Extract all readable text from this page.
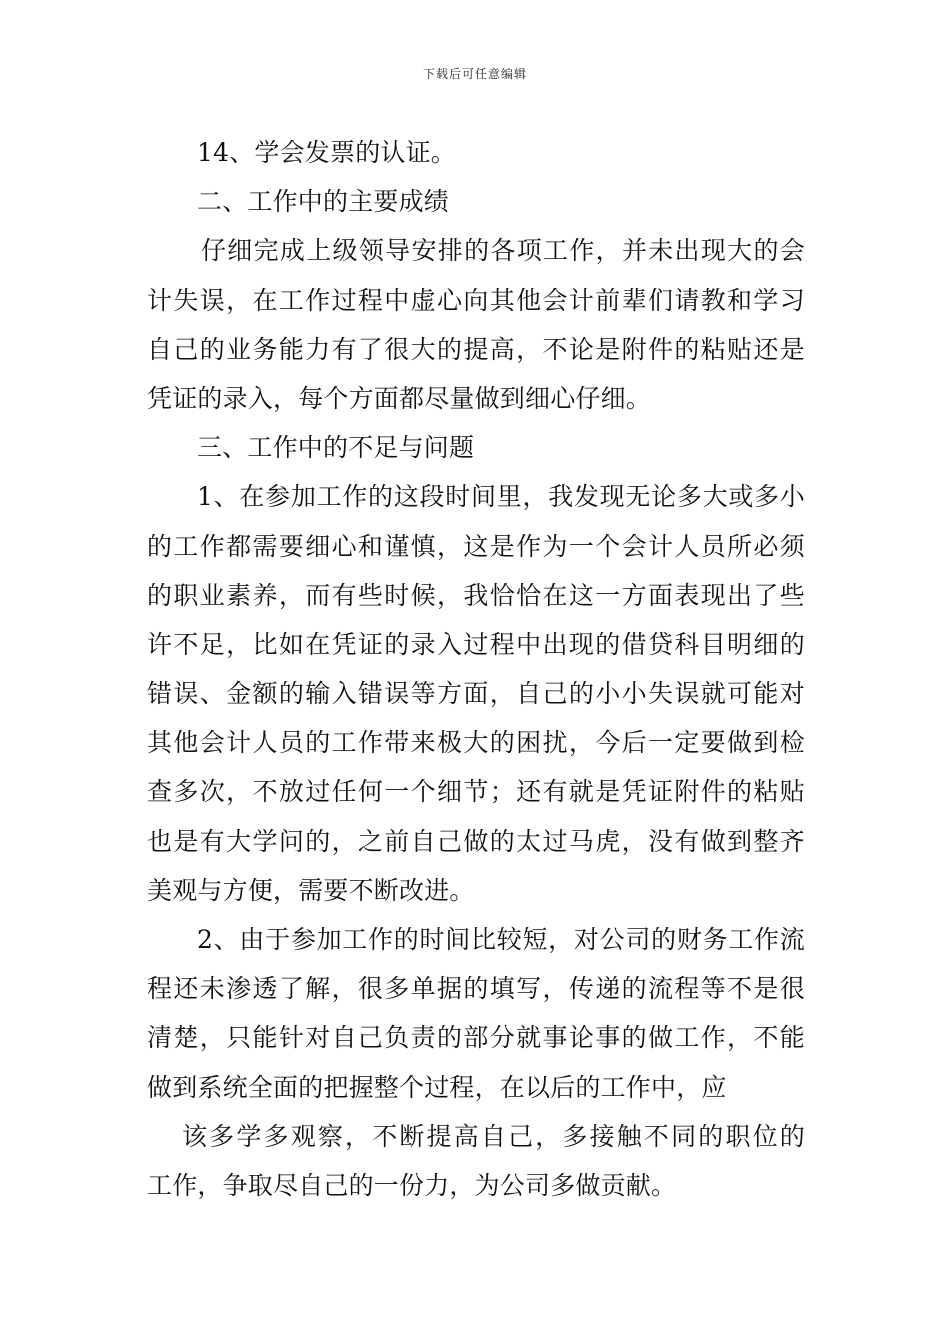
下载后可任意编辑
14、学会发票的认证。
二、工作中的主要成绩
仔细完成上级领导安排的各项工作，并未出现大的会
计失误，在工作过程中虚心向其他会计前辈们请教和学习
自己的业务能力有了很大的提高，不论是附件的粘贴还是
凭证的录入，每个方面都尽量做到细心仔细。
三、工作中的不足与问题
1、在参加工作的这段时间里，我发现无论多大或多小
的工作都需要细心和谨慎，这是作为一个会计人员所必须
的职业素养，而有些时候，我恰恰在这一方面表现出了些
许不足，比如在凭证的录入过程中出现的借贷科目明细的
错误、金额的输入错误等方面，自己的小小失误就可能对
其他会计人员的工作带来极大的困扰，今后一定要做到检
查多次，不放过任何一个细节；还有就是凭证附件的粘贴
也是有大学问的，之前自己做的太过马虎，没有做到整齐
美观与方便，需要不断改进。
2、由于参加工作的时间比较短，对公司的财务工作流
程还未渗透了解，很多单据的填写，传递的流程等不是很
清楚，只能针对自己负责的部分就事论事的做工作，不能
做到系统全面的把握整个过程，在以后的工作中，应
该多学多观察，不断提高自己，多接触不同的职位的
工作，争取尽自己的一份力，为公司多做贡献。
